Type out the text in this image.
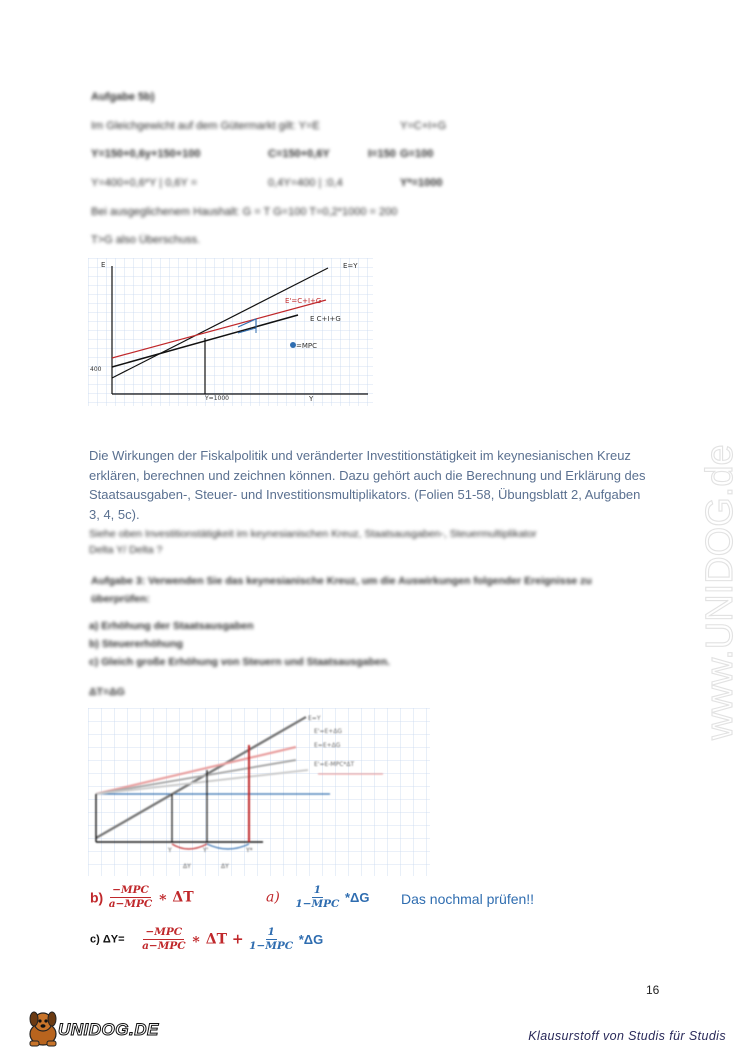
Aufgabe 5b)
Im Gleichgewicht auf dem Gütermarkt gilt: Y=E	Y=C+I+G
Y=150+0,6y+150+100	C=150+0,6Y	I=150 G=100
Y=400+0,6*Y | 0,6Y =	0,4Y=400 | :0,4	Y*=1000
Bei ausgeglichenem Haushalt: G = T G=100 T=0,2*1000 = 200
T>G also Überschuss.
E
Y
E=Y
E'=C+I+G
E C+I+G
=MPC
400
Y=1000
Die Wirkungen der Fiskalpolitik und veränderter Investitionstätigkeit im keynesianischen Kreuz erklären, berechnen und zeichnen können. Dazu gehört auch die Berechnung und Erklärung des Staatsausgaben-, Steuer- und Investitionsmultiplikators. (Folien 51-58, Übungsblatt 2, Aufgaben 3, 4, 5c).
Siehe oben Investitionstätigkeit im keynesianischen Kreuz, Staatsausgaben-, Steuermultiplikator
Delta Y/ Delta ?
Aufgabe 3: Verwenden Sie das keynesianische Kreuz, um die Auswirkungen folgender Ereignisse zu überprüfen:
a) Erhöhung der Staatsausgaben
b) Steuererhöhung
c) Gleich große Erhöhung von Steuern und Staatsausgaben.
ΔT=ΔG
E=Y
E'=E+ΔG
E=E+ΔG
E'=E-MPC*ΔT
ΔY	ΔY
Y	Y'	Y*
$b) \frac{\text{−MPC}}{\text{a−MPC}}$ ∗ ΔT	$a) \frac{1}{\text{1−MPC}} *\Delta G$ Das nochmal prüfen!!
c) $\Delta Y= \frac{\text{−MPC}}{\text{a−MPC}}$ ∗ $\Delta T + \frac{1}{\text{1−MPC}} *\Delta G$
www.UNIDOG.de
16
UNIDOG.DE	Klausurstoff von Studis für Studis
